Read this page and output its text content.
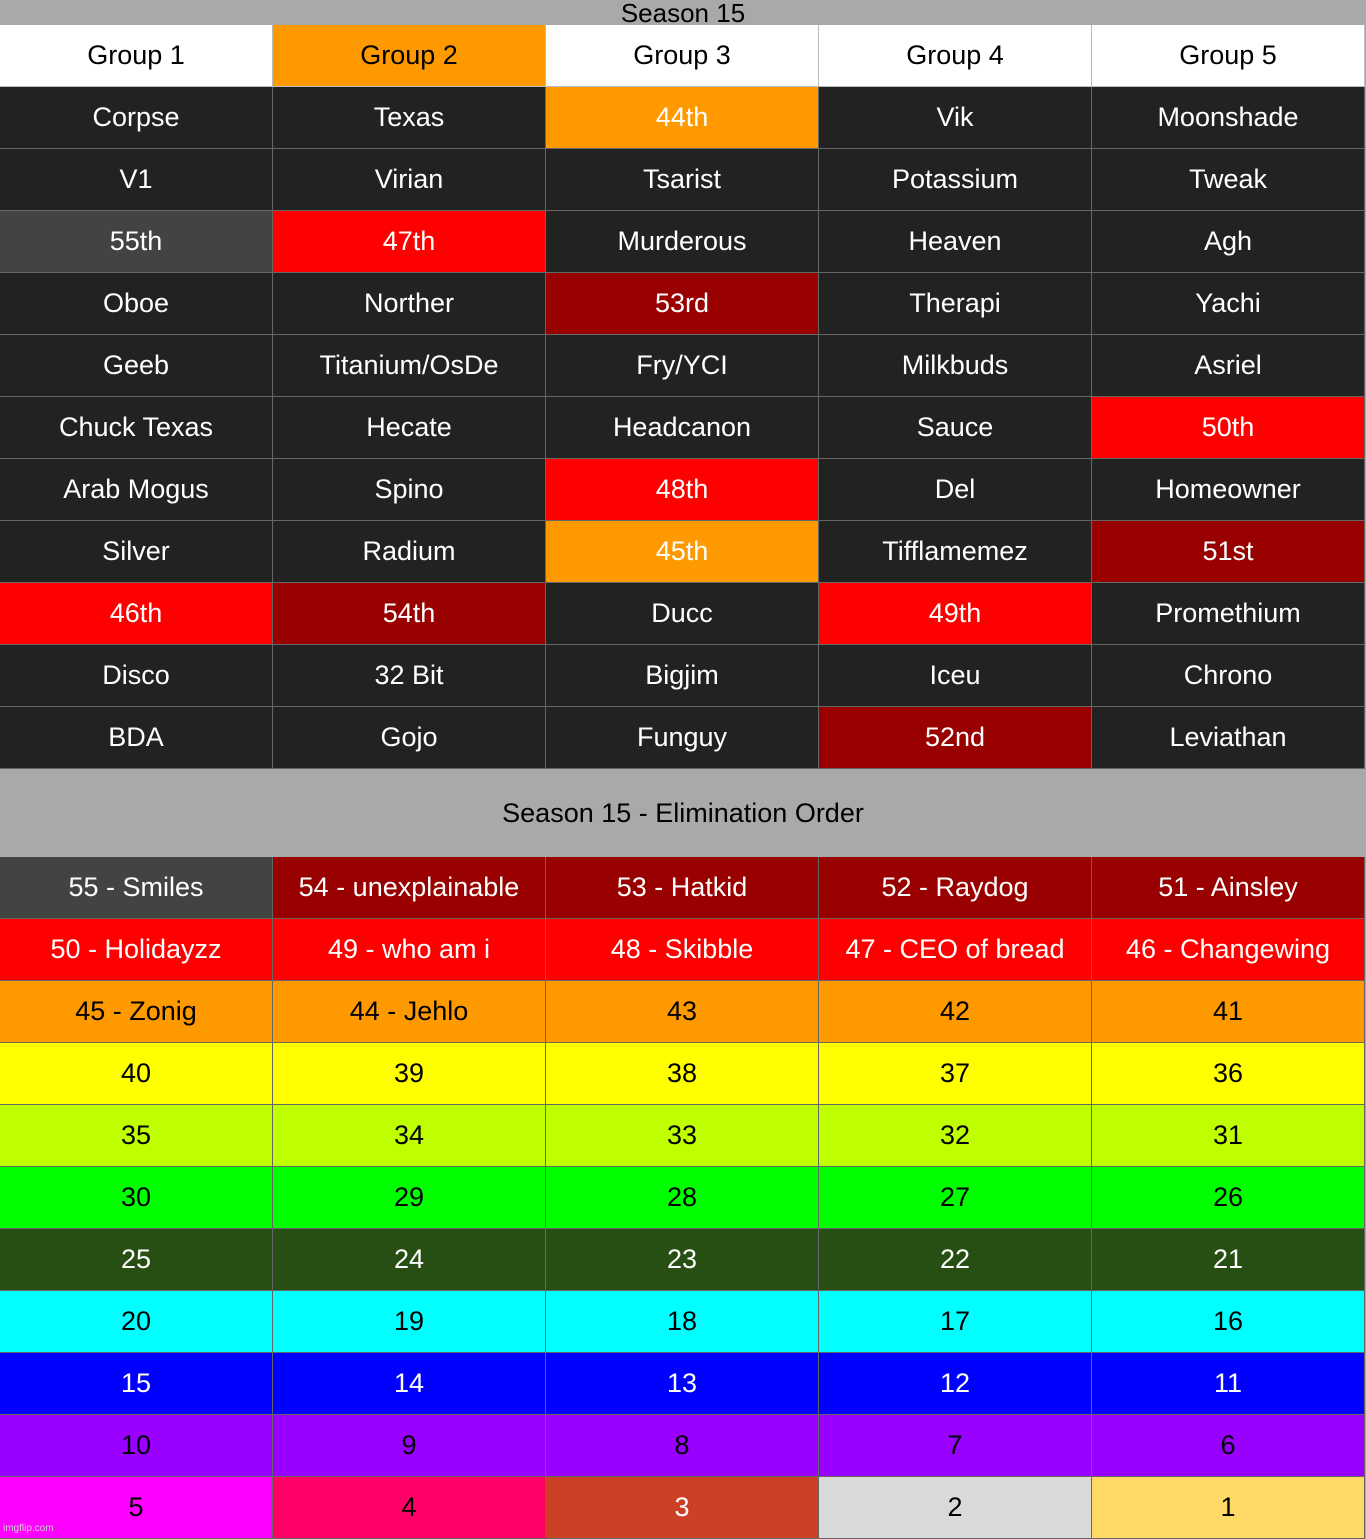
Season 15
Group 1	Group 2	Group 3	Group 4	Group 5
Corpse	Texas	44th	Vik	Moonshade
V1	Virian	Tsarist	Potassium	Tweak
55th	47th	Murderous	Heaven	Agh
Oboe	Norther	53rd	Therapi	Yachi
Geeb	Titanium/OsDe	Fry/YCI	Milkbuds	Asriel
Chuck Texas	Hecate	Headcanon	Sauce	50th
Arab Mogus	Spino	48th	Del	Homeowner
Silver	Radium	45th	Tifflamemez	51st
46th	54th	Ducc	49th	Promethium
Disco	32 Bit	Bigjim	Iceu	Chrono
BDA	Gojo	Funguy	52nd	Leviathan
Season 15 - Elimination Order
55 - Smiles	54 - unexplainable	53 - Hatkid	52 - Raydog	51 - Ainsley
50 - Holidayzz	49 - who am i	48 - Skibble	47 - CEO of bread	46 - Changewing
45 - Zonig	44 - Jehlo	43	42	41
40	39	38	37	36
35	34	33	32	31
30	29	28	27	26
25	24	23	22	21
20	19	18	17	16
15	14	13	12	11
10	9	8	7	6
5	4	3	2	1
imgflip.com
